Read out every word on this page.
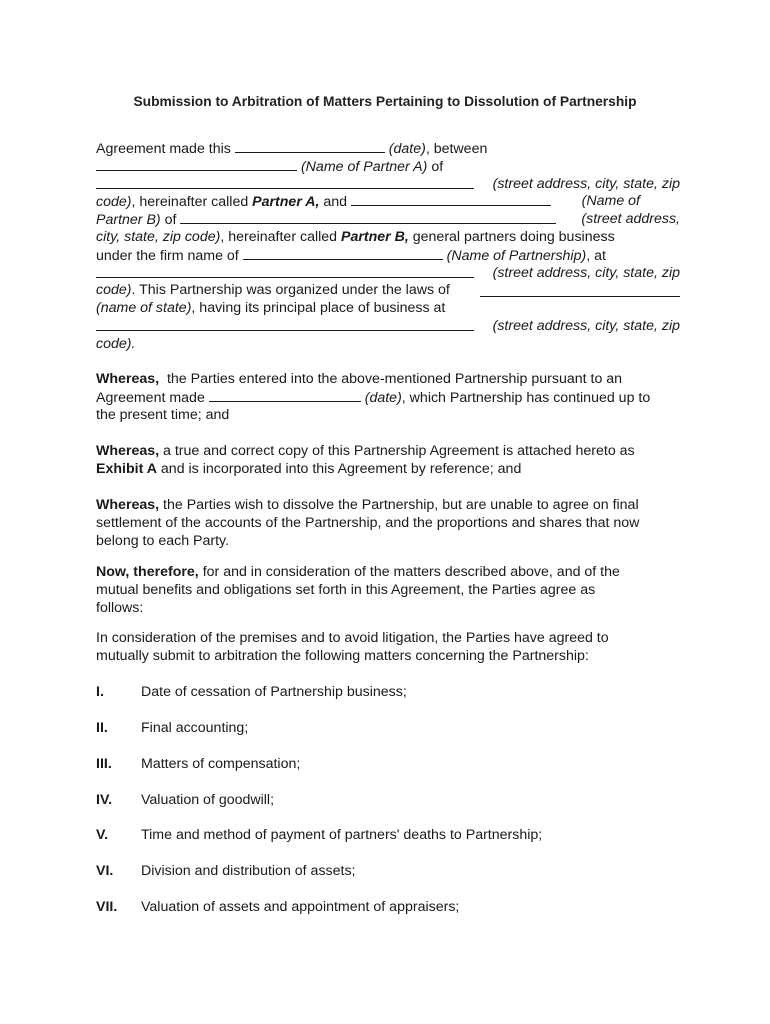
Submission to Arbitration of Matters Pertaining to Dissolution of Partnership
Agreement made this	(date), between
(Name of Partner A) of
(street address, city, state, zip
code), hereinafter called Partner A, and	(Name of
Partner B) of	(street address,
city, state, zip code), hereinafter called Partner B, general partners doing business
under the firm name of	(Name of Partnership), at
(street address, city, state, zip
code). This Partnership was organized under the laws of
(name of state), having its principal place of business at
(street address, city, state, zip
code).
Whereas,  the Parties entered into the above-mentioned Partnership pursuant to an
Agreement made	(date), which Partnership has continued up to
the present time; and
Whereas, a true and correct copy of this Partnership Agreement is attached hereto as
Exhibit A and is incorporated into this Agreement by reference; and
Whereas, the Parties wish to dissolve the Partnership, but are unable to agree on final
settlement of the accounts of the Partnership, and the proportions and shares that now
belong to each Party.
Now, therefore, for and in consideration of the matters described above, and of the
mutual benefits and obligations set forth in this Agreement, the Parties agree as
follows:
In consideration of the premises and to avoid litigation, the Parties have agreed to
mutually submit to arbitration the following matters concerning the Partnership:
I.	Date of cessation of Partnership business;
II. Final accounting;
III. Matters of compensation;
IV. Valuation of goodwill;
V. Time and method of payment of partners' deaths to Partnership;
VI. Division and distribution of assets;
VII. Valuation of assets and appointment of appraisers;
